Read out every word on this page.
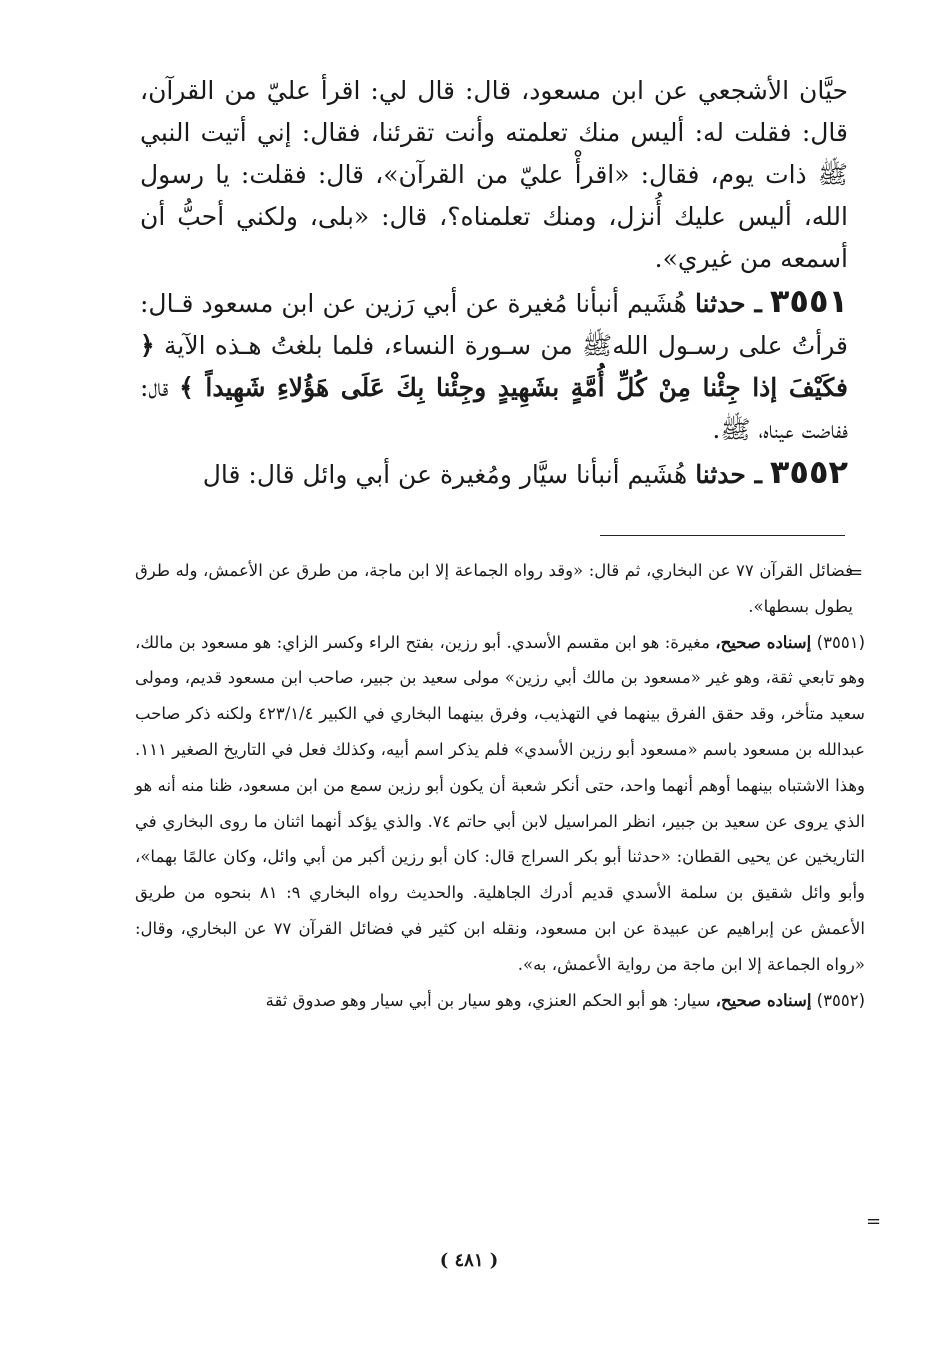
حيَّان الأشجعي عن ابن مسعود، قال: قال لي: اقرأ عليّ من القرآن، قال: فقلت له: أليس منك تعلمته وأنت تقرئنا، فقال: إني أتيت النبي ﷺ ذات يوم، فقال: «اقرأْ عليّ من القرآن»، قال: فقلت: يا رسول الله، أليس عليك أُنزل، ومنك تعلمناه؟، قال: «بلى، ولكني أحبُّ أن أسمعه من غيري».

٣٥٥١ ـ حدثنا هُشَيم أنبأنا مُغيرة عن أبي رَزين عن ابن مسعود قـال: قرأتُ على رسـول اللهﷺ من سـورة النساء، فلما بلغتُ هـذه الآية ﴿ فكَيْفَ إذا جِئْنا مِنْ كُلِّ أُمَّةٍ بشَهِيدٍ وجِئْنا بِكَ عَلَى هَؤُلاءِ شَهِيداً ﴾ قال: ففاضت عيناه، ﷺ.

٣٥٥٢ ـ حدثنا هُشَيم أنبأنا سيَّار ومُغيرة عن أبي وائل قال: قال

=

فضائل القرآن ٧٧ عن البخاري، ثم قال: «وقد رواه الجماعة إلا ابن ماجة، من طرق عن الأعمش، وله طرق يطول بسطها».

(٣٥٥١) إسناده صحيح، مغيرة: هو ابن مقسم الأسدي. أبو رزين، بفتح الراء وكسر الزاي: هو مسعود بن مالك، وهو تابعي ثقة، وهو غير «مسعود بن مالك أبي رزين» مولى سعيد بن جبير، صاحب ابن مسعود قديم، ومولى سعيد متأخر، وقد حقق الفرق بينهما في التهذيب، وفرق بينهما البخاري في الكبير ٤٢٣/١/٤ ولكنه ذكر صاحب عبدالله بن مسعود باسم «مسعود أبو رزين الأسدي» فلم يذكر اسم أبيه، وكذلك فعل في التاريخ الصغير ١١١. وهذا الاشتباه بينهما أوهم أنهما واحد، حتى أنكر شعبة أن يكون أبو رزين سمع من ابن مسعود، ظنا منه أنه هو الذي يروى عن سعيد بن جبير، انظر المراسيل لابن أبي حاتم ٧٤. والذي يؤكد أنهما اثنان ما روى البخاري في التاريخين عن يحيى القطان: «حدثنا أبو بكر السراج قال: كان أبو رزين أكبر من أبي وائل، وكان عالمًا بهما»، وأبو وائل شقيق بن سلمة الأسدي قديم أدرك الجاهلية. والحديث رواه البخاري ٩: ٨١ بنحوه من طريق الأعمش عن إبراهيم عن عبيدة عن ابن مسعود، ونقله ابن كثير في فضائل القرآن ٧٧ عن البخاري، وقال: «رواه الجماعة إلا ابن ماجة من رواية الأعمش، به».

(٣٥٥٢) إسناده صحيح، سيار: هو أبو الحكم العنزي، وهو سيار بن أبي سيار وهو صدوق ثقة

=
( ٤٨١ )
